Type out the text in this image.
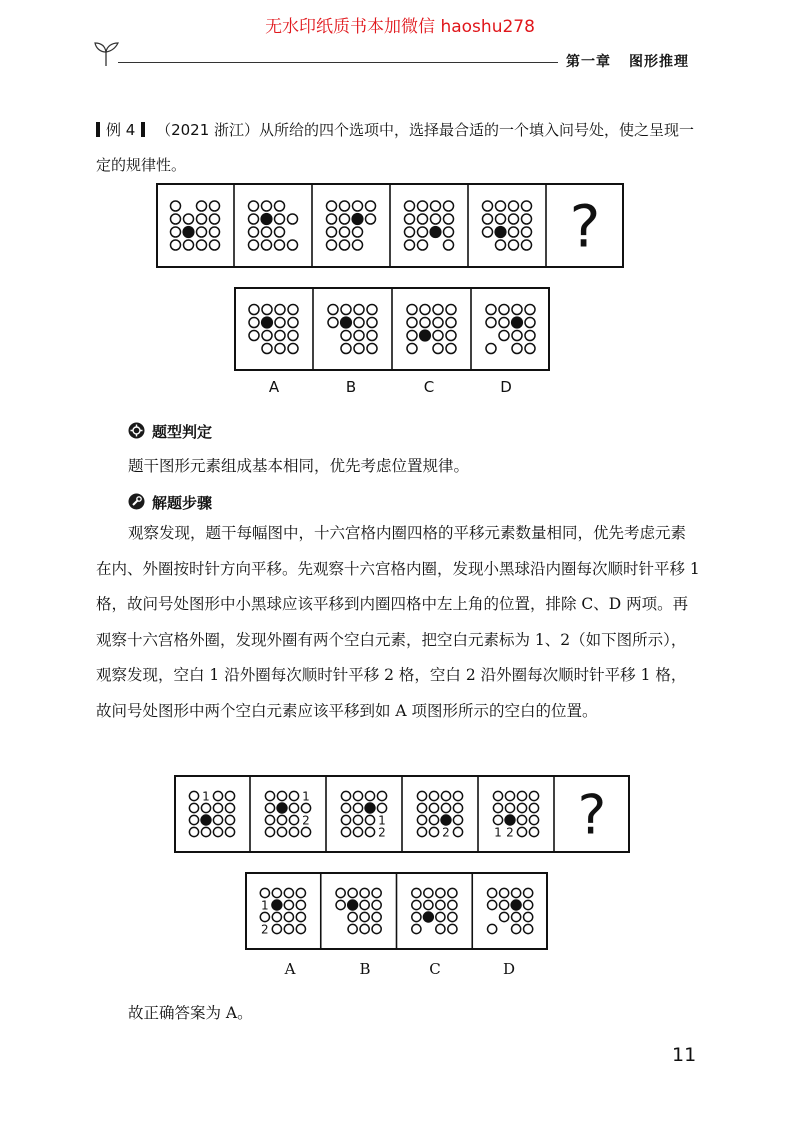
无水印纸质书本加微信 haoshu278
第一章 图形推理
例 4 （2021 浙江）从所给的四个选项中，选择最合适的一个填入问号处，使之呈现一定的规律性。
?
A	B	C	D
题型判定
题干图形元素组成基本相同，优先考虑位置规律。
解题步骤
观察发现，题干每幅图中，十六宫格内圈四格的平移元素数量相同，优先考虑元素在内、外圈按时针方向平移。先观察十六宫格内圈，发现小黑球沿内圈每次顺时针平移 1 格，故问号处图形中小黑球应该平移到内圈四格中左上角的位置，排除 C、D 两项。再观察十六宫格外圈，发现外圈有两个空白元素，把空白元素标为 1、2（如下图所示），观察发现，空白 1 沿外圈每次顺时针平移 2 格，空白 2 沿外圈每次顺时针平移 1 格，故问号处图形中两个空白元素应该平移到如 A 项图形所示的空白的位置。
1	1
2	1
2	2	1 2 ?
1
2
A	B	C	D
故正确答案为 A。
11
